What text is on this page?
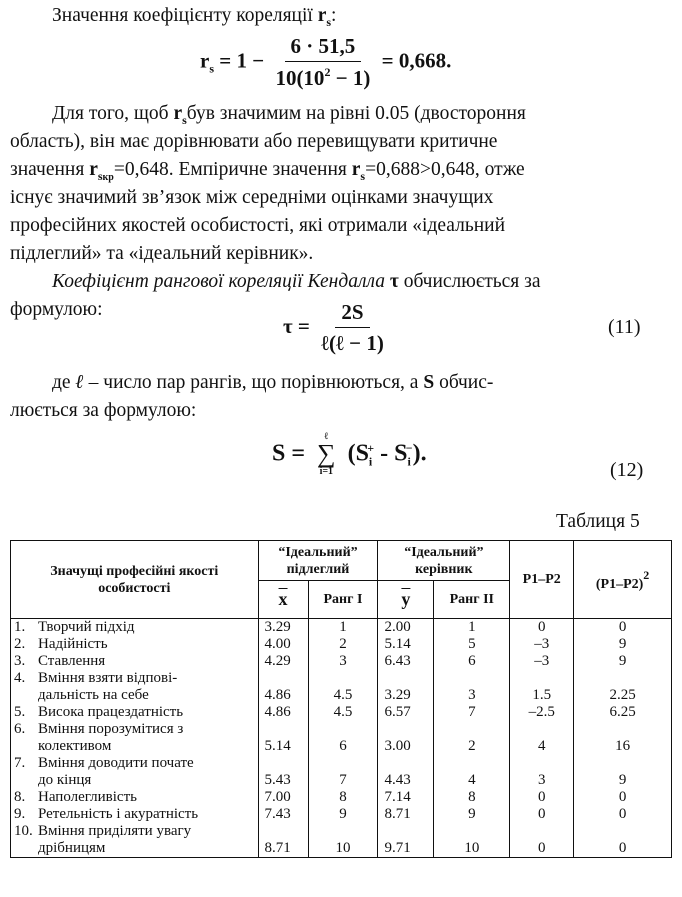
Значення коефіцієнту кореляції $r_s$:
$r_s = 1 - \frac{6 \cdot 51,5}{10(10^2 - 1)} = 0,668$.
Для того, щоб $r_sбув$ значимим на рівні 0.05 (двостороння
область), він має дорівнювати або перевищувати критичне
значення $r_{sкр}=0,648$. Емпіричне значення $r_s=0,688>0,648$, отже
існує значимий зв’язок між середніми оцінками значущих
професійних якостей особистості, які отримали «ідеальний
підлеглий» та «ідеальний керівник».
Коефіцієнт рангової кореляції Кендалла τ обчислюється за
формулою:
$\tau = \frac{2S}{\text{ℓ(ℓ − 1)}}$	(11)
де ℓ – число пар рангів, що порівнюються, а S обчис-
люється за формулою:
S =
ℓ
∑
i=1
$(S_i^+ - S_i^-)$.
(12)
Таблиця 5
Значущі професійні якості особистості	“Ідеальний” підлеглий		“Ідеальний” керівник		P1–P2	(P1–P2)2
	$\overline{x}$	Ранг І	$\overline{y}$	Ранг ІІ		

1. Творчий підхід	3.29	1	2.00	1	0	0

2. Надійність	4.00	2	5.14	5	–3	9

3. Ставлення	4.29	3	6.43	6	–3	9

4. Вміння взяти відпові-
дальність на себе	4.86	4.5	3.29	3	1.5	2.25

5. Висока працездатність	4.86	4.5	6.57	7	–2.5	6.25

6. Вміння порозумітися з
колективом	5.14	6	3.00	2	4	16

7. Вміння доводити почате
до кінця	5.43	7	4.43	4	3	9

8. Наполегливість	7.00	8	7.14	8	0	0

9. Ретельність і акуратність	7.43	9	8.71	9	0	0

10. Вміння приділяти увагу
дрібницям	8.71	10	9.71	10	0	0
